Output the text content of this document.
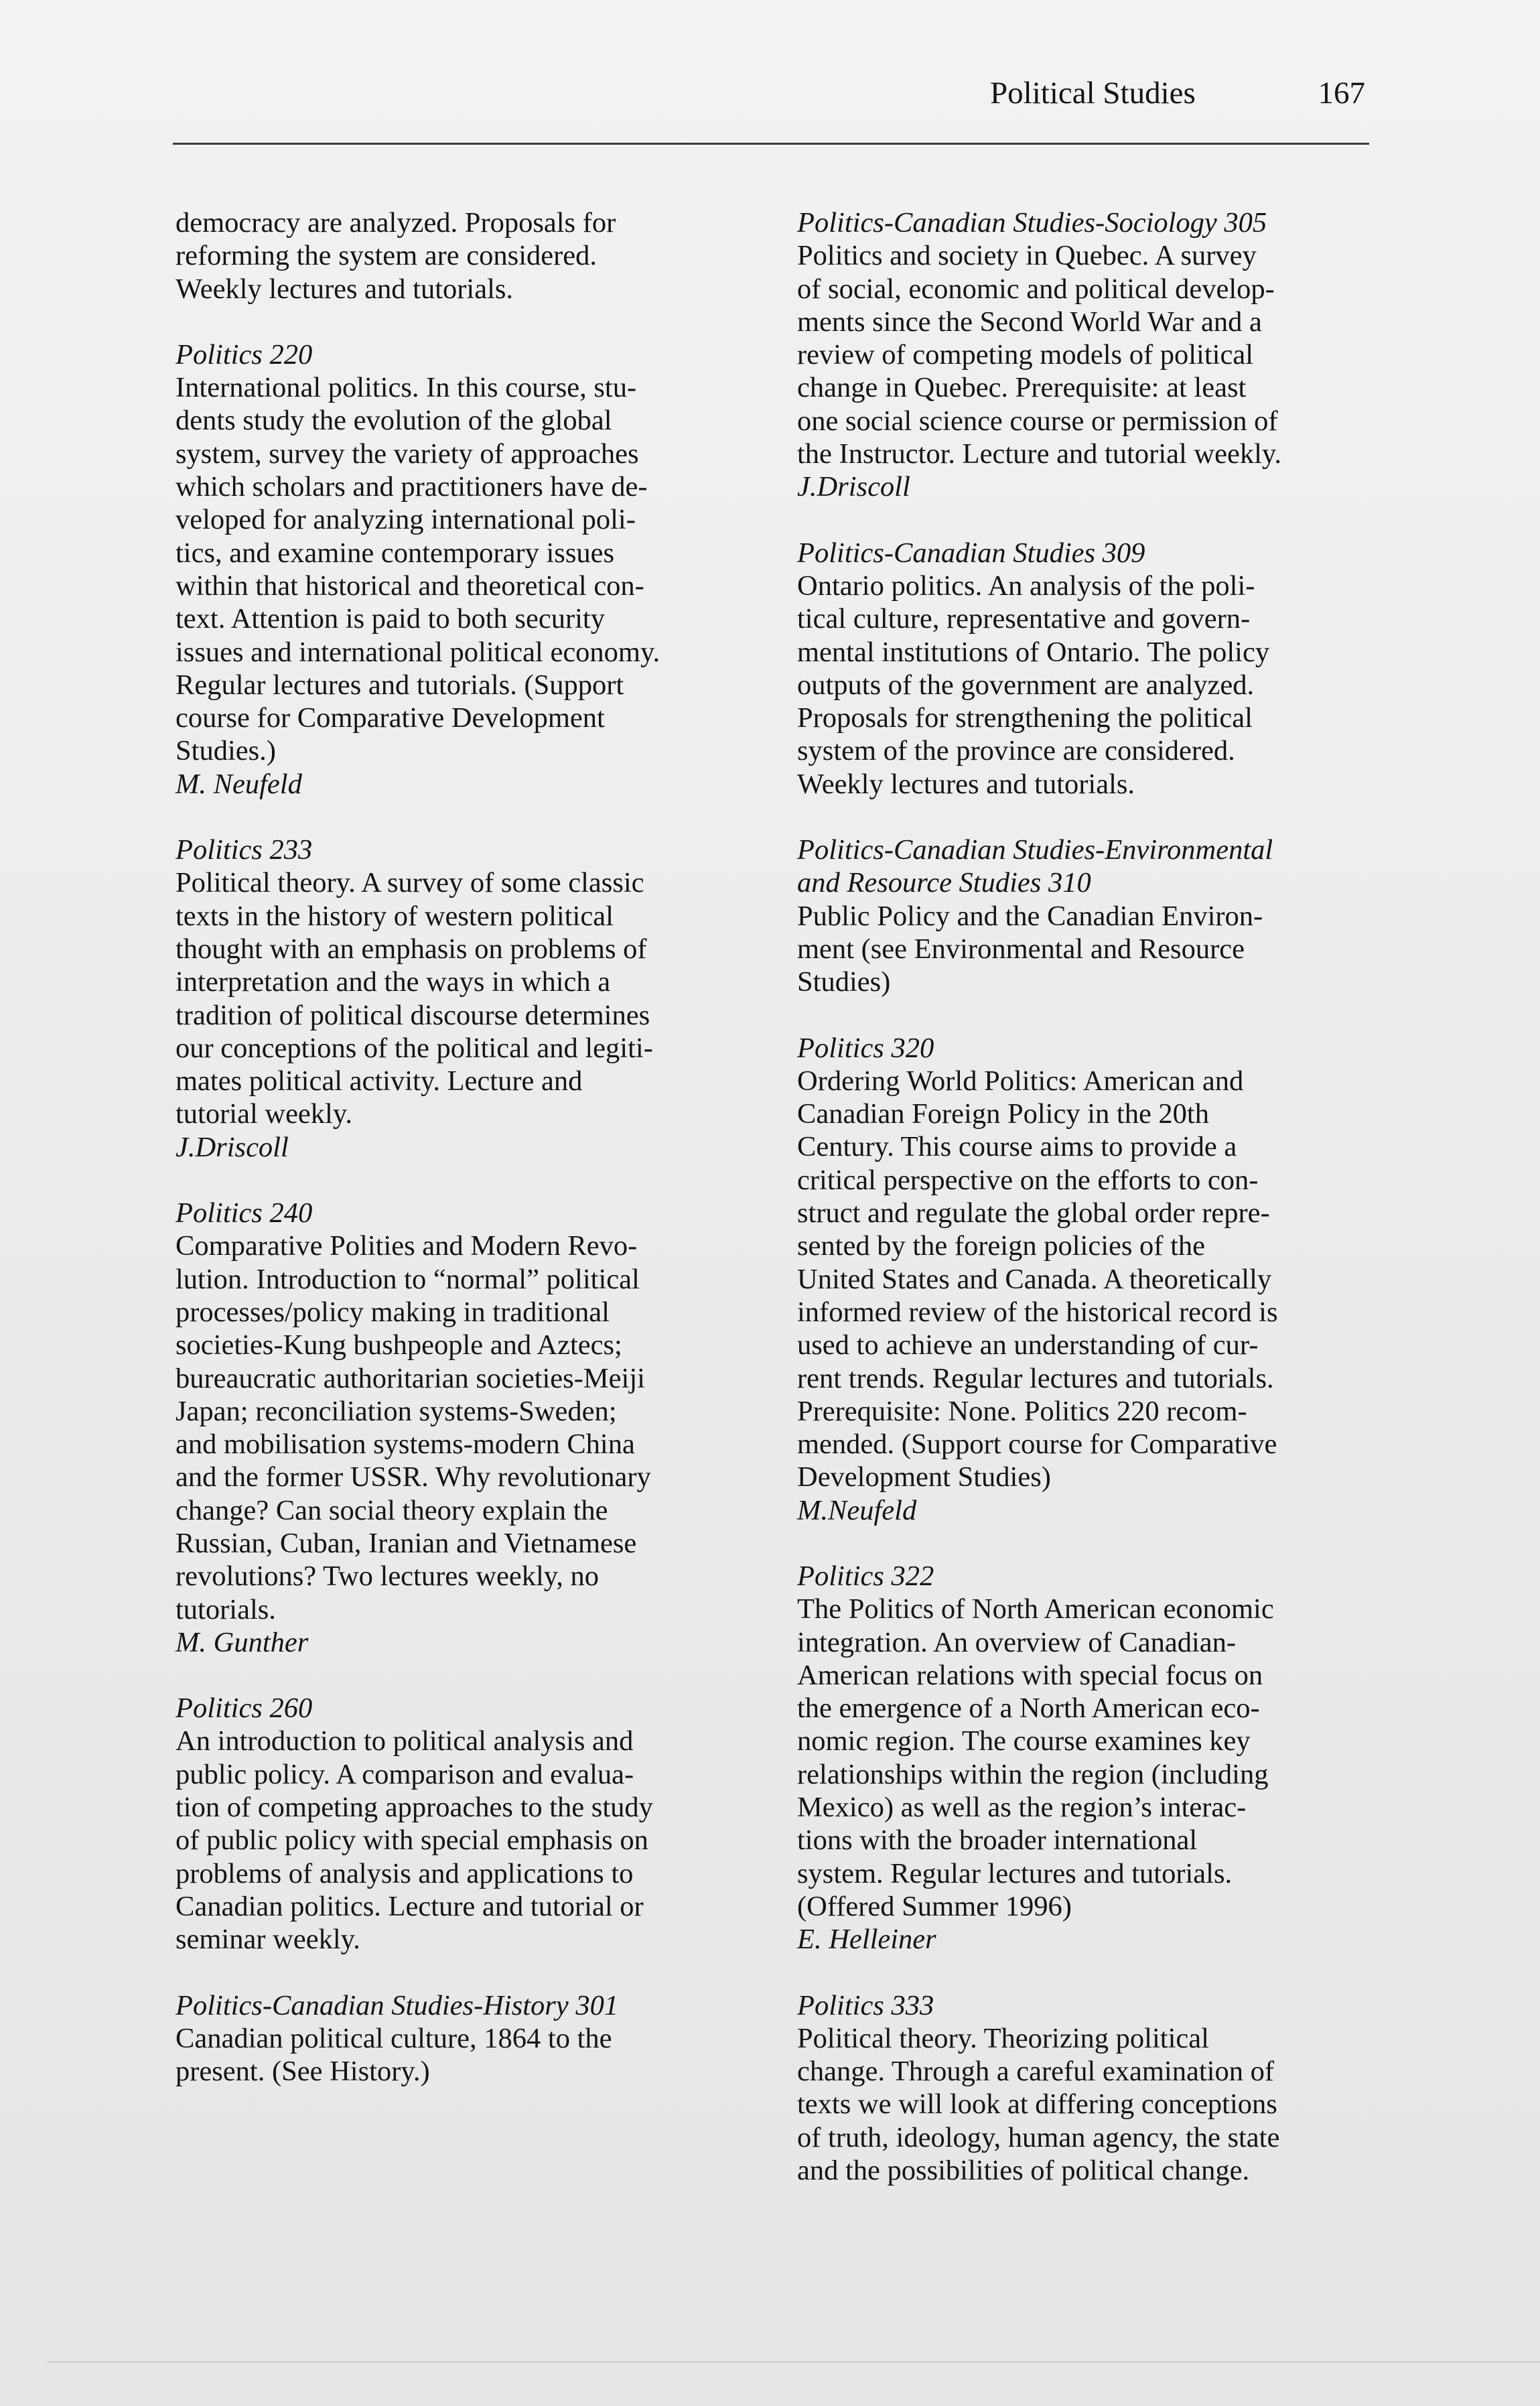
Political Studies	167
democracy are analyzed. Proposals for
reforming the system are considered.
Weekly lectures and tutorials.
Politics 220
International politics. In this course, stu-
dents study the evolution of the global
system, survey the variety of approaches
which scholars and practitioners have de-
veloped for analyzing international poli-
tics, and examine contemporary issues
within that historical and theoretical con-
text. Attention is paid to both security
issues and international political economy.
Regular lectures and tutorials. (Support
course for Comparative Development
Studies.)
M. Neufeld
Politics 233
Political theory. A survey of some classic
texts in the history of western political
thought with an emphasis on problems of
interpretation and the ways in which a
tradition of political discourse determines
our conceptions of the political and legiti-
mates political activity. Lecture and
tutorial weekly.
J.Driscoll
Politics 240
Comparative Polities and Modern Revo-
lution. Introduction to “normal” political
processes/policy making in traditional
societies-Kung bushpeople and Aztecs;
bureaucratic authoritarian societies-Meiji
Japan; reconciliation systems-Sweden;
and mobilisation systems-modern China
and the former USSR. Why revolutionary
change? Can social theory explain the
Russian, Cuban, Iranian and Vietnamese
revolutions? Two lectures weekly, no
tutorials.
M. Gunther
Politics 260
An introduction to political analysis and
public policy. A comparison and evalua-
tion of competing approaches to the study
of public policy with special emphasis on
problems of analysis and applications to
Canadian politics. Lecture and tutorial or
seminar weekly.
Politics-Canadian Studies-History 301
Canadian political culture, 1864 to the
present. (See History.)
Politics-Canadian Studies-Sociology 305
Politics and society in Quebec. A survey
of social, economic and political develop-
ments since the Second World War and a
review of competing models of political
change in Quebec. Prerequisite: at least
one social science course or permission of
the Instructor. Lecture and tutorial weekly.
J.Driscoll
Politics-Canadian Studies 309
Ontario politics. An analysis of the poli-
tical culture, representative and govern-
mental institutions of Ontario. The policy
outputs of the government are analyzed.
Proposals for strengthening the political
system of the province are considered.
Weekly lectures and tutorials.
Politics-Canadian Studies-Environmental
and Resource Studies 310
Public Policy and the Canadian Environ-
ment (see Environmental and Resource
Studies)
Politics 320
Ordering World Politics: American and
Canadian Foreign Policy in the 20th
Century. This course aims to provide a
critical perspective on the efforts to con-
struct and regulate the global order repre-
sented by the foreign policies of the
United States and Canada. A theoretically
informed review of the historical record is
used to achieve an understanding of cur-
rent trends. Regular lectures and tutorials.
Prerequisite: None. Politics 220 recom-
mended. (Support course for Comparative
Development Studies)
M.Neufeld
Politics 322
The Politics of North American economic
integration. An overview of Canadian-
American relations with special focus on
the emergence of a North American eco-
nomic region. The course examines key
relationships within the region (including
Mexico) as well as the region’s interac-
tions with the broader international
system. Regular lectures and tutorials.
(Offered Summer 1996)
E. Helleiner
Politics 333
Political theory. Theorizing political
change. Through a careful examination of
texts we will look at differing conceptions
of truth, ideology, human agency, the state
and the possibilities of political change.
